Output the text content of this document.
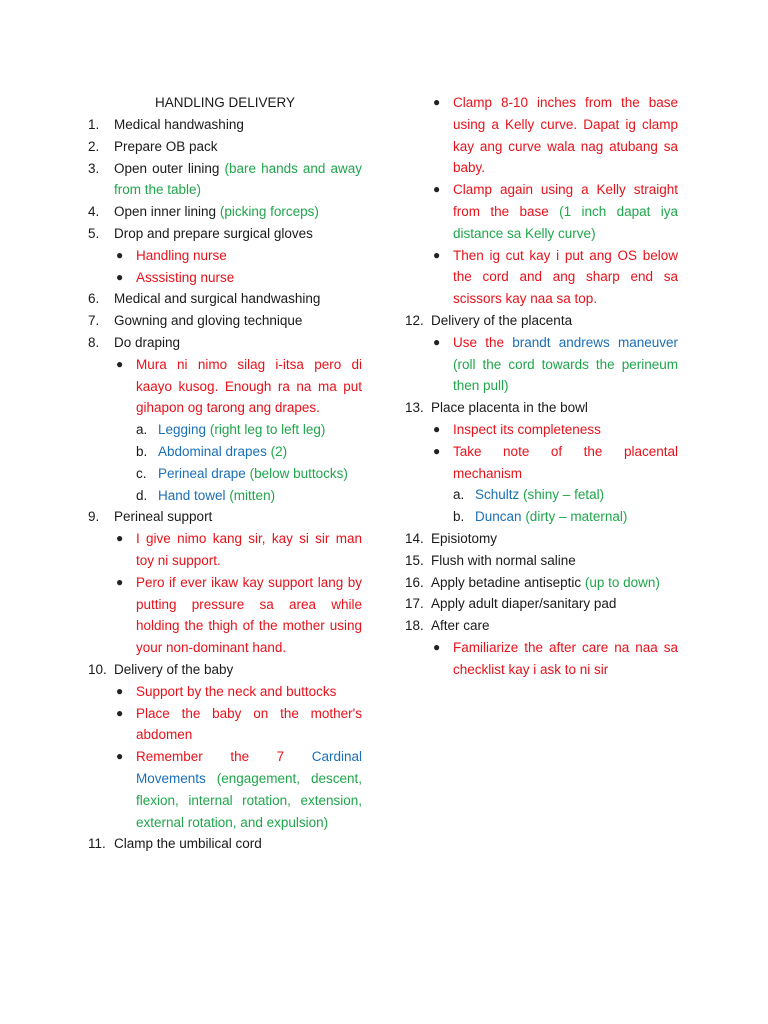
HANDLING DELIVERY
1. Medical handwashing
2. Prepare OB pack
3. Open outer lining (bare hands and away from the table)
4. Open inner lining (picking forceps)
5. Drop and prepare surgical gloves
● Handling nurse
● Asssisting nurse
6. Medical and surgical handwashing
7. Gowning and gloving technique
8. Do draping
● Mura ni nimo silag i-itsa pero di kaayo kusog. Enough ra na ma put gihapon og tarong ang drapes.
a. Legging (right leg to left leg)
b. Abdominal drapes (2)
c. Perineal drape (below buttocks)
d. Hand towel (mitten)
9. Perineal support
● I give nimo kang sir, kay si sir man toy ni support.
● Pero if ever ikaw kay support lang by putting pressure sa area while holding the thigh of the mother using your non-dominant hand.
10. Delivery of the baby
● Support by the neck and buttocks
● Place the baby on the mother's abdomen
● Remember the 7 Cardinal Movements (engagement, descent, flexion, internal rotation, extension, external rotation, and expulsion)
11. Clamp the umbilical cord
● Clamp 8-10 inches from the base using a Kelly curve. Dapat ig clamp kay ang curve wala nag atubang sa baby.
● Clamp again using a Kelly straight from the base (1 inch dapat iya distance sa Kelly curve)
● Then ig cut kay i put ang OS below the cord and ang sharp end sa scissors kay naa sa top.
12. Delivery of the placenta
● Use the brandt andrews maneuver (roll the cord towards the perineum then pull)
13. Place placenta in the bowl
● Inspect its completeness
● Take note of the placental mechanism
a. Schultz (shiny – fetal)
b. Duncan (dirty – maternal)
14. Episiotomy
15. Flush with normal saline
16. Apply betadine antiseptic (up to down)
17. Apply adult diaper/sanitary pad
18. After care
● Familiarize the after care na naa sa checklist kay i ask to ni sir
